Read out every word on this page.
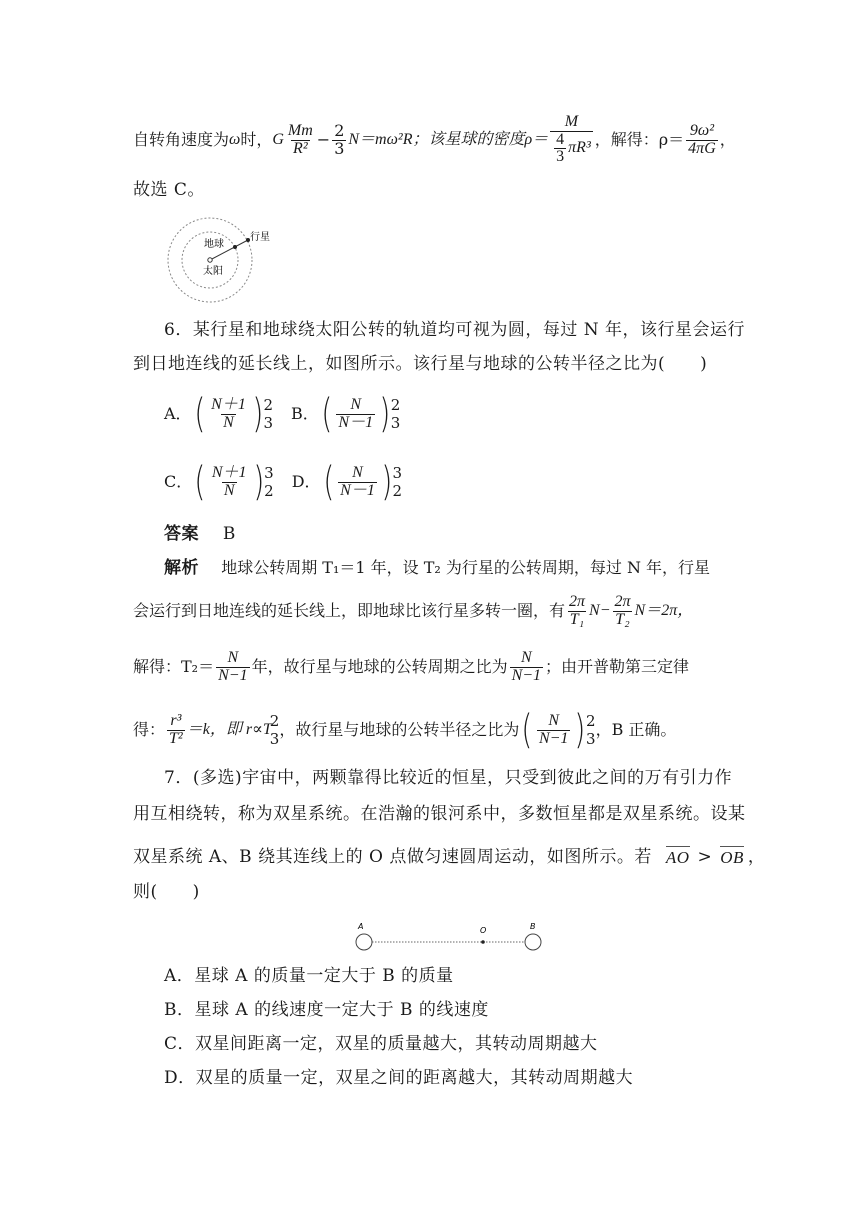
自转角速度为 ω 时， G $\frac{Mm}{\text{R²}} - \frac{2}{3} N=m\omega^2R$；该星球的密度$\rho= \frac{M}{\frac{4}{3} \pi R^3}$ ，解得：$\rho= \frac{\text{9ω²}}{4\pi G}$ ，
故选 C。
地球
行星
太阳
6．某行星和地球绕太阳公转的轨道均可视为圆，每过 N 年，该行星会运行
到日地连线的延长线上，如图所示。该行星与地球的公转半径之比为(　　)
A． ( $\frac{N+1}{N}$ ) 2
3 B． ( $\frac{N}{N-1}$ ) 2
3
C． ( $\frac{N+1}{N}$ ) 3
2 D． ( $\frac{N}{N-1}$ ) 3
2
答案 B
解析 地球公转周期 T₁＝1 年，设 T₂ 为行星的公转周期，每过 N 年，行星
会运行到日地连线的延长线上，即地球比该行星多转一圈，有 $\frac{2\pi}{\text{T₁}} N- \frac{2\pi}{\text{T₂}} N=2\pi$，
解得：$T_2= \frac{N}{N-1}$ 年，故行星与地球的公转周期之比为 $\frac{N}{N-1}$ ；由开普勒第三定律
得： $\frac{\text{r³}}{\text{T²}} =k$，即 r∝T
2
3 ，故行星与地球的公转半径之比为 ( $\frac{N}{N-1}$ ) 2
3 ，B 正确。
7．(多选)宇宙中，两颗靠得比较近的恒星，只受到彼此之间的万有引力作
用互相绕转，称为双星系统。在浩瀚的银河系中，多数恒星都是双星系统。设某
双星系统 A、B 绕其连线上的 O 点做匀速圆周运动，如图所示。若 AO > OB ，
则(　　)
A	O	B
A．星球 A 的质量一定大于 B 的质量
B．星球 A 的线速度一定大于 B 的线速度
C．双星间距离一定，双星的质量越大，其转动周期越大
D．双星的质量一定，双星之间的距离越大，其转动周期越大
